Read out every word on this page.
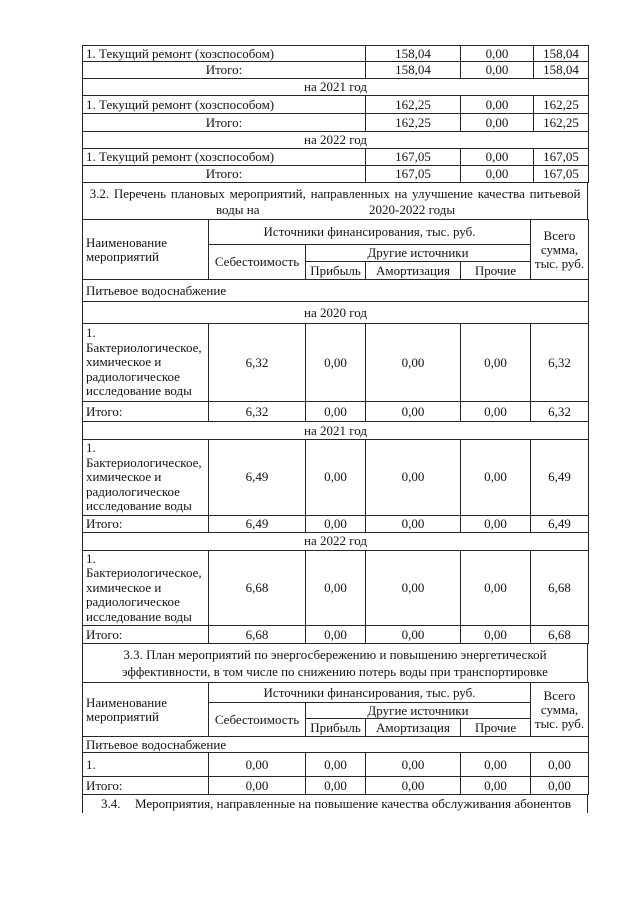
1. Текущий ремонт (хозспособом)	158,04	0,00	158,04
Итого:	158,04	0,00	158,04
на 2021 год			
1. Текущий ремонт (хозспособом)	162,25	0,00	162,25
Итого:	162,25	0,00	162,25
на 2022 год			
1. Текущий ремонт (хозспособом)	167,05	0,00	167,05
Итого:	167,05	0,00	167,05
3.2. Перечень плановых мероприятий, направленных на улучшение качества питьевой
воды на	2020-2022 годы
Наименование мероприятий	Источники финансирования, тыс. руб.				Всего сумма, тыс. руб.
	Себестоимость	Другие источники			
		Прибыль	Амортизация	Прочие	
Питьевое водоснабжение					
на 2020 год					
1. Бактериологическое, химическое и радиологическое исследование воды	6,32	0,00	0,00	0,00	6,32
Итого:	6,32	0,00	0,00	0,00	6,32
на 2021 год					
1. Бактериологическое, химическое и радиологическое исследование воды	6,49	0,00	0,00	0,00	6,49
Итого:	6,49	0,00	0,00	0,00	6,49
на 2022 год					
1. Бактериологическое, химическое и радиологическое исследование воды	6,68	0,00	0,00	0,00	6,68
Итого:	6,68	0,00	0,00	0,00	6,68
3.3. План мероприятий по энергосбережению и повышению энергетической
эффективности, в том числе по снижению потерь воды при транспортировке
Наименование мероприятий	Источники финансирования, тыс. руб.				Всего сумма, тыс. руб.
	Себестоимость	Другие источники			
		Прибыль	Амортизация	Прочие	
Питьевое водоснабжение					
1.	0,00	0,00	0,00	0,00	0,00
Итого:	0,00	0,00	0,00	0,00	0,00
3.4. Мероприятия, направленные на повышение качества обслуживания абонентов
